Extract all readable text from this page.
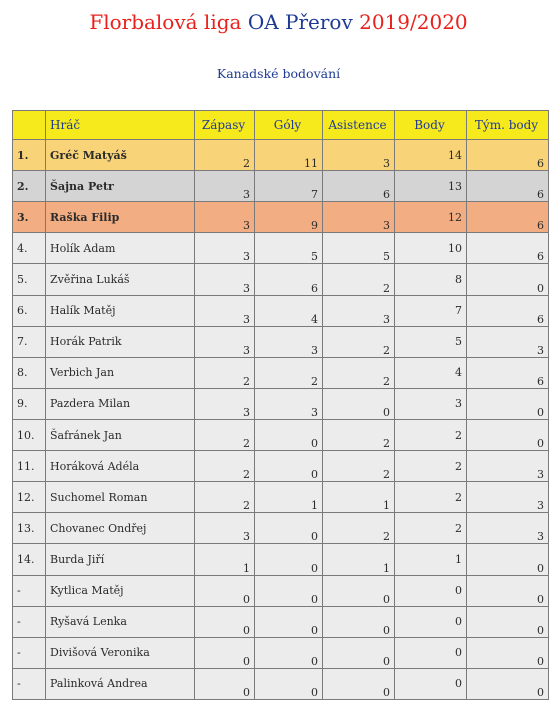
Florbalová liga OA Přerov 2019/2020
Kanadské bodování
	Hráč	Zápasy	Góly	Asistence	Body	Tým. body
1.	Gréč Matyáš	2	11	3	14	6
2.	Šajna Petr	3	7	6	13	6
3.	Raška Filip	3	9	3	12	6
4.	Holík Adam	3	5	5	10	6
5.	Zvěřina Lukáš	3	6	2	8	0
6.	Halík Matěj	3	4	3	7	6
7.	Horák Patrik	3	3	2	5	3
8.	Verbich Jan	2	2	2	4	6
9.	Pazdera Milan	3	3	0	3	0
10.	Šafránek Jan	2	0	2	2	0
11.	Horáková Adéla	2	0	2	2	3
12.	Suchomel Roman	2	1	1	2	3
13.	Chovanec Ondřej	3	0	2	2	3
14.	Burda Jiří	1	0	1	1	0
-	Kytlica Matěj	0	0	0	0	0
-	Ryšavá Lenka	0	0	0	0	0
-	Divišová Veronika	0	0	0	0	0
-	Palinková Andrea	0	0	0	0	0
